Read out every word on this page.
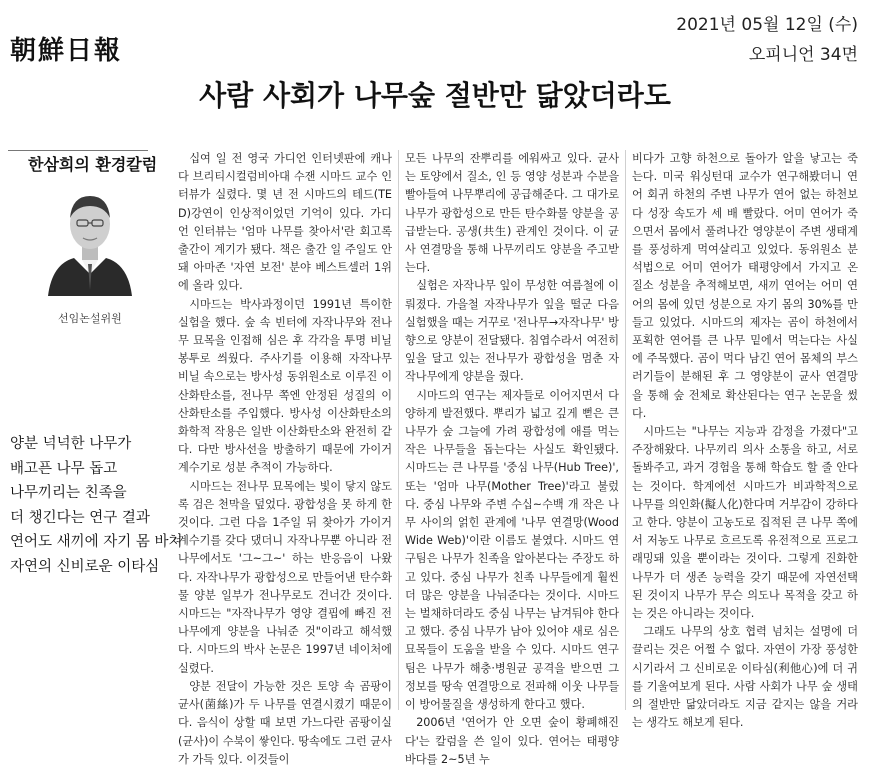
朝鮮日報
2021년 05월 12일 (수)
오피니언 34면
사람 사회가 나무숲 절반만 닮았더라도
한삼희의 환경칼럼
선임논설위원
양분 넉넉한 나무가
배고픈 나무 돕고
나무끼리는 친족을
더 챙긴다는 연구 결과
연어도 새끼에 자기 몸 바쳐
자연의 신비로운 이타심

십여 일 전 영국 가디언 인터넷판에 캐나다 브리티시컬럼비아대 수잰 시마드 교수 인터뷰가 실렸다. 몇 년 전 시마드의 테드(TED)강연이 인상적이었던 기억이 있다. 가디언 인터뷰는 '엄마 나무를 찾아서'란 회고록 출간이 계기가 됐다. 책은 출간 일 주일도 안 돼 아마존 '자연 보전' 분야 베스트셀러 1위에 올라 있다.

시마드는 박사과정이던 1991년 특이한 실험을 했다. 숲 속 빈터에 자작나무와 전나무 묘목을 인접해 심은 후 각각을 투명 비닐봉투로 씌웠다. 주사기를 이용해 자작나무 비닐 속으로는 방사성 동위원소로 이루진 이산화탄소를, 전나무 쪽엔 안정된 성질의 이산화탄소를 주입했다. 방사성 이산화탄소의 화학적 작용은 일반 이산화탄소와 완전히 같다. 다만 방사선을 방출하기 때문에 가이거 계수기로 성분 추적이 가능하다.

시마드는 전나무 묘목에는 빛이 닿지 않도록 검은 천막을 덮었다. 광합성을 못 하게 한 것이다. 그런 다음 1주일 뒤 찾아가 가이거 계수기를 갖다 댔더니 자작나무뿐 아니라 전나무에서도 '그~그~' 하는 반응음이 나왔다. 자작나무가 광합성으로 만들어낸 탄수화물 양분 일부가 전나무로도 건너간 것이다. 시마드는 "자작나무가 영양 결핍에 빠진 전나무에게 양분을 나눠준 것"이라고 해석했다. 시마드의 박사 논문은 1997년 네이처에 실렸다.

양분 전달이 가능한 것은 토양 속 곰팡이 균사(菌絲)가 두 나무를 연결시켰기 때문이다. 음식이 상할 때 보면 가느다란 곰팡이실(균사)이 수북이 쌓인다. 땅속에도 그런 균사가 가득 있다. 이것들이

모든 나무의 잔뿌리를 에워싸고 있다. 균사는 토양에서 질소, 인 등 영양 성분과 수분을 빨아들여 나무뿌리에 공급해준다. 그 대가로 나무가 광합성으로 만든 탄수화물 양분을 공급받는다. 공생(共生) 관계인 것이다. 이 균사 연결망을 통해 나무끼리도 양분을 주고받는다.

실험은 자작나무 잎이 무성한 여름철에 이뤄졌다. 가을철 자작나무가 잎을 떨군 다음 실험했을 때는 거꾸로 '전나무→자작나무' 방향으로 양분이 전달됐다. 침엽수라서 여전히 잎을 달고 있는 전나무가 광합성을 멈춘 자작나무에게 양분을 줬다.

시마드의 연구는 제자들로 이어지면서 다양하게 발전했다. 뿌리가 넓고 깊게 뻗은 큰 나무가 숲 그늘에 가려 광합성에 애를 먹는 작은 나무들을 돕는다는 사실도 확인됐다. 시마드는 큰 나무를 '중심 나무(Hub Tree)', 또는 '엄마 나무(Mother Tree)'라고 불렀다. 중심 나무와 주변 수십~수백 개 작은 나무 사이의 얽힌 관계에 '나무 연결망(Wood Wide Web)'이란 이름도 붙였다. 시마드 연구팀은 나무가 친족을 알아본다는 주장도 하고 있다. 중심 나무가 친족 나무들에게 훨씬 더 많은 양분을 나눠준다는 것이다. 시마드는 벌채하더라도 중심 나무는 남겨둬야 한다고 했다. 중심 나무가 남아 있어야 새로 심은 묘목들이 도움을 받을 수 있다. 시마드 연구팀은 나무가 해충·병원균 공격을 받으면 그 정보를 땅속 연결망으로 전파해 이웃 나무들이 방어물질을 생성하게 한다고 했다.

2006년 '연어가 안 오면 숲이 황폐해진다'는 칼럼을 쓴 일이 있다. 연어는 태평양 바다를 2~5년 누

비다가 고향 하천으로 돌아가 알을 낳고는 죽는다. 미국 워싱턴대 교수가 연구해봤더니 연어 회귀 하천의 주변 나무가 연어 없는 하천보다 성장 속도가 세 배 빨랐다. 어미 연어가 죽으면서 몸에서 풀려나간 영양분이 주변 생태계를 풍성하게 먹여살리고 있었다. 동위원소 분석법으로 어미 연어가 태평양에서 가지고 온 질소 성분을 추적해보면, 새끼 연어는 어미 연어의 몸에 있던 성분으로 자기 몸의 30%를 만들고 있었다. 시마드의 제자는 곰이 하천에서 포획한 연어를 큰 나무 밑에서 먹는다는 사실에 주목했다. 곰이 먹다 남긴 연어 몸체의 부스러기들이 분해된 후 그 영양분이 균사 연결망을 통해 숲 전체로 확산된다는 연구 논문을 썼다.

시마드는 "나무는 지능과 감정을 가졌다"고 주장해왔다. 나무끼리 의사 소통을 하고, 서로 돌봐주고, 과거 경험을 통해 학습도 할 줄 안다는 것이다. 학계에선 시마드가 비과학적으로 나무를 의인화(擬人化)한다며 거부감이 강하다고 한다. 양분이 고농도로 집적된 큰 나무 쪽에서 저농도 나무로 흐르도록 유전적으로 프로그래밍돼 있을 뿐이라는 것이다. 그렇게 진화한 나무가 더 생존 능력을 갖기 때문에 자연선택된 것이지 나무가 무슨 의도나 목적을 갖고 하는 것은 아니라는 것이다.

그래도 나무의 상호 협력 넘치는 설명에 더 끌리는 것은 어쩔 수 없다. 자연이 가장 풍성한 시기라서 그 신비로운 이타심(利他心)에 더 귀를 기울여보게 된다. 사람 사회가 나무 숲 생태의 절반만 닮았더라도 지금 같지는 않을 거라는 생각도 해보게 된다.
